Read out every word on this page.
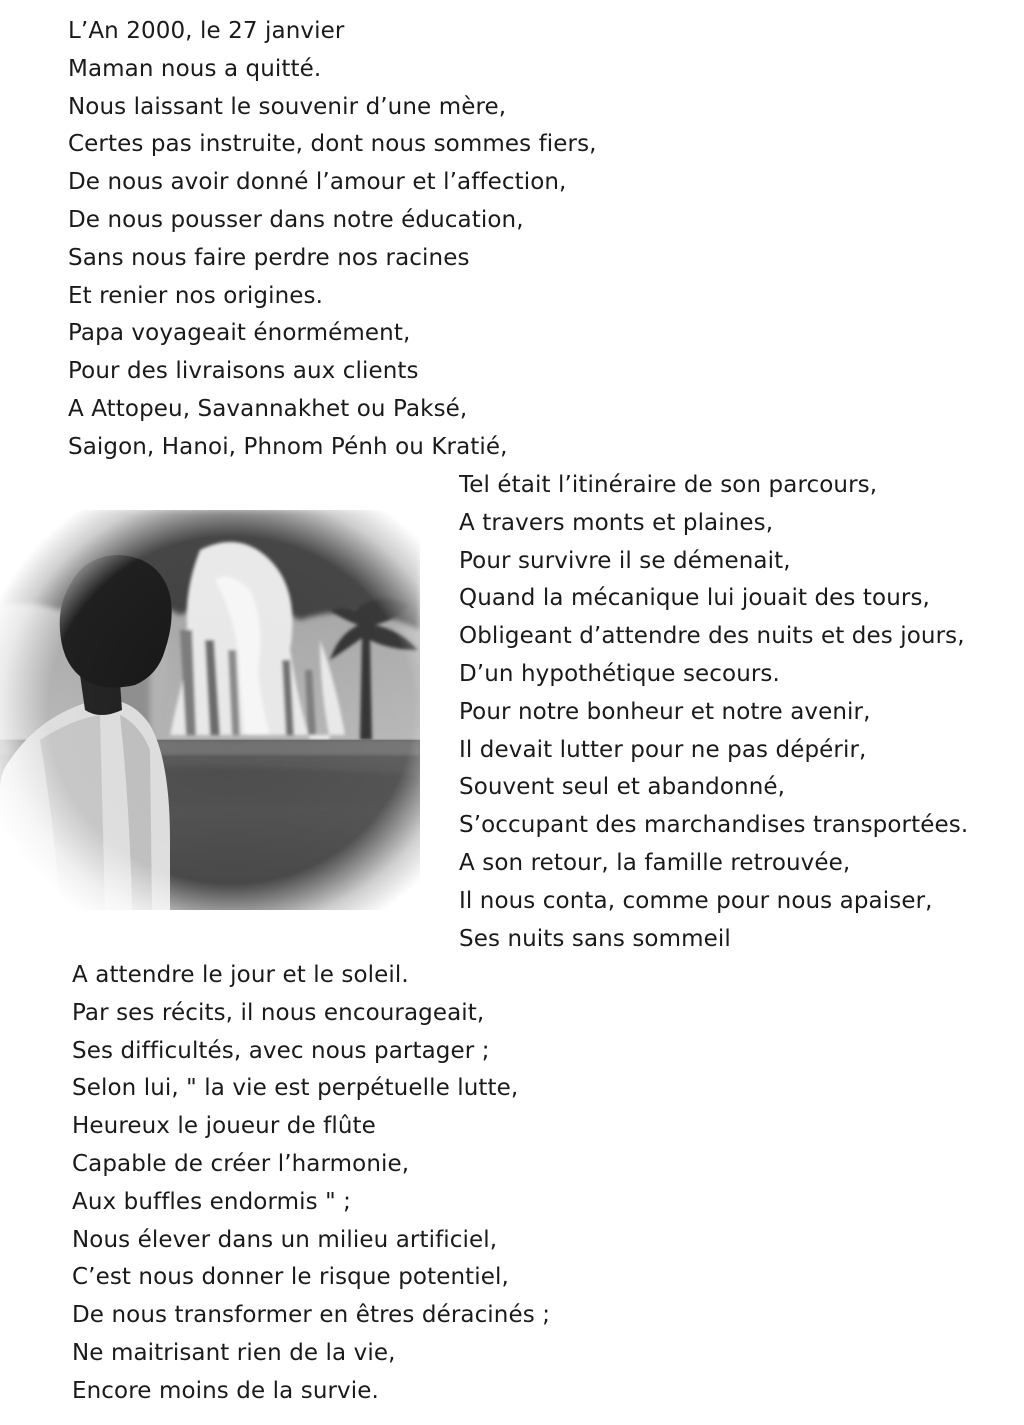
L’An 2000, le 27 janvier
Maman nous a quitté.
Nous laissant le souvenir d’une mère,
Certes pas instruite, dont nous sommes fiers,
De nous avoir donné l’amour et l’affection,
De nous pousser dans notre éducation,
Sans nous faire perdre nos racines
Et renier nos origines.
Papa voyageait énormément,
Pour des livraisons aux clients
A Attopeu, Savannakhet ou Paksé,
Saigon, Hanoi, Phnom Pénh ou Kratié,
Tel était l’itinéraire de son parcours,
A travers monts et plaines,
Pour survivre il se démenait,
Quand la mécanique lui jouait des tours,
Obligeant d’attendre des nuits et des jours,
D’un hypothétique secours.
Pour notre bonheur et notre avenir,
Il devait lutter pour ne pas dépérir,
Souvent seul et abandonné,
S’occupant des marchandises transportées.
A son retour, la famille retrouvée,
Il nous conta, comme pour nous apaiser,
Ses nuits sans sommeil
A attendre le jour et le soleil.
Par ses récits, il nous encourageait,
Ses difficultés, avec nous partager ;
Selon lui, " la vie est perpétuelle lutte,
Heureux le joueur de flûte
Capable de créer l’harmonie,
Aux buffles endormis " ;
Nous élever dans un milieu artificiel,
C’est nous donner le risque potentiel,
De nous transformer en êtres déracinés ;
Ne maitrisant rien de la vie,
Encore moins de la survie.
